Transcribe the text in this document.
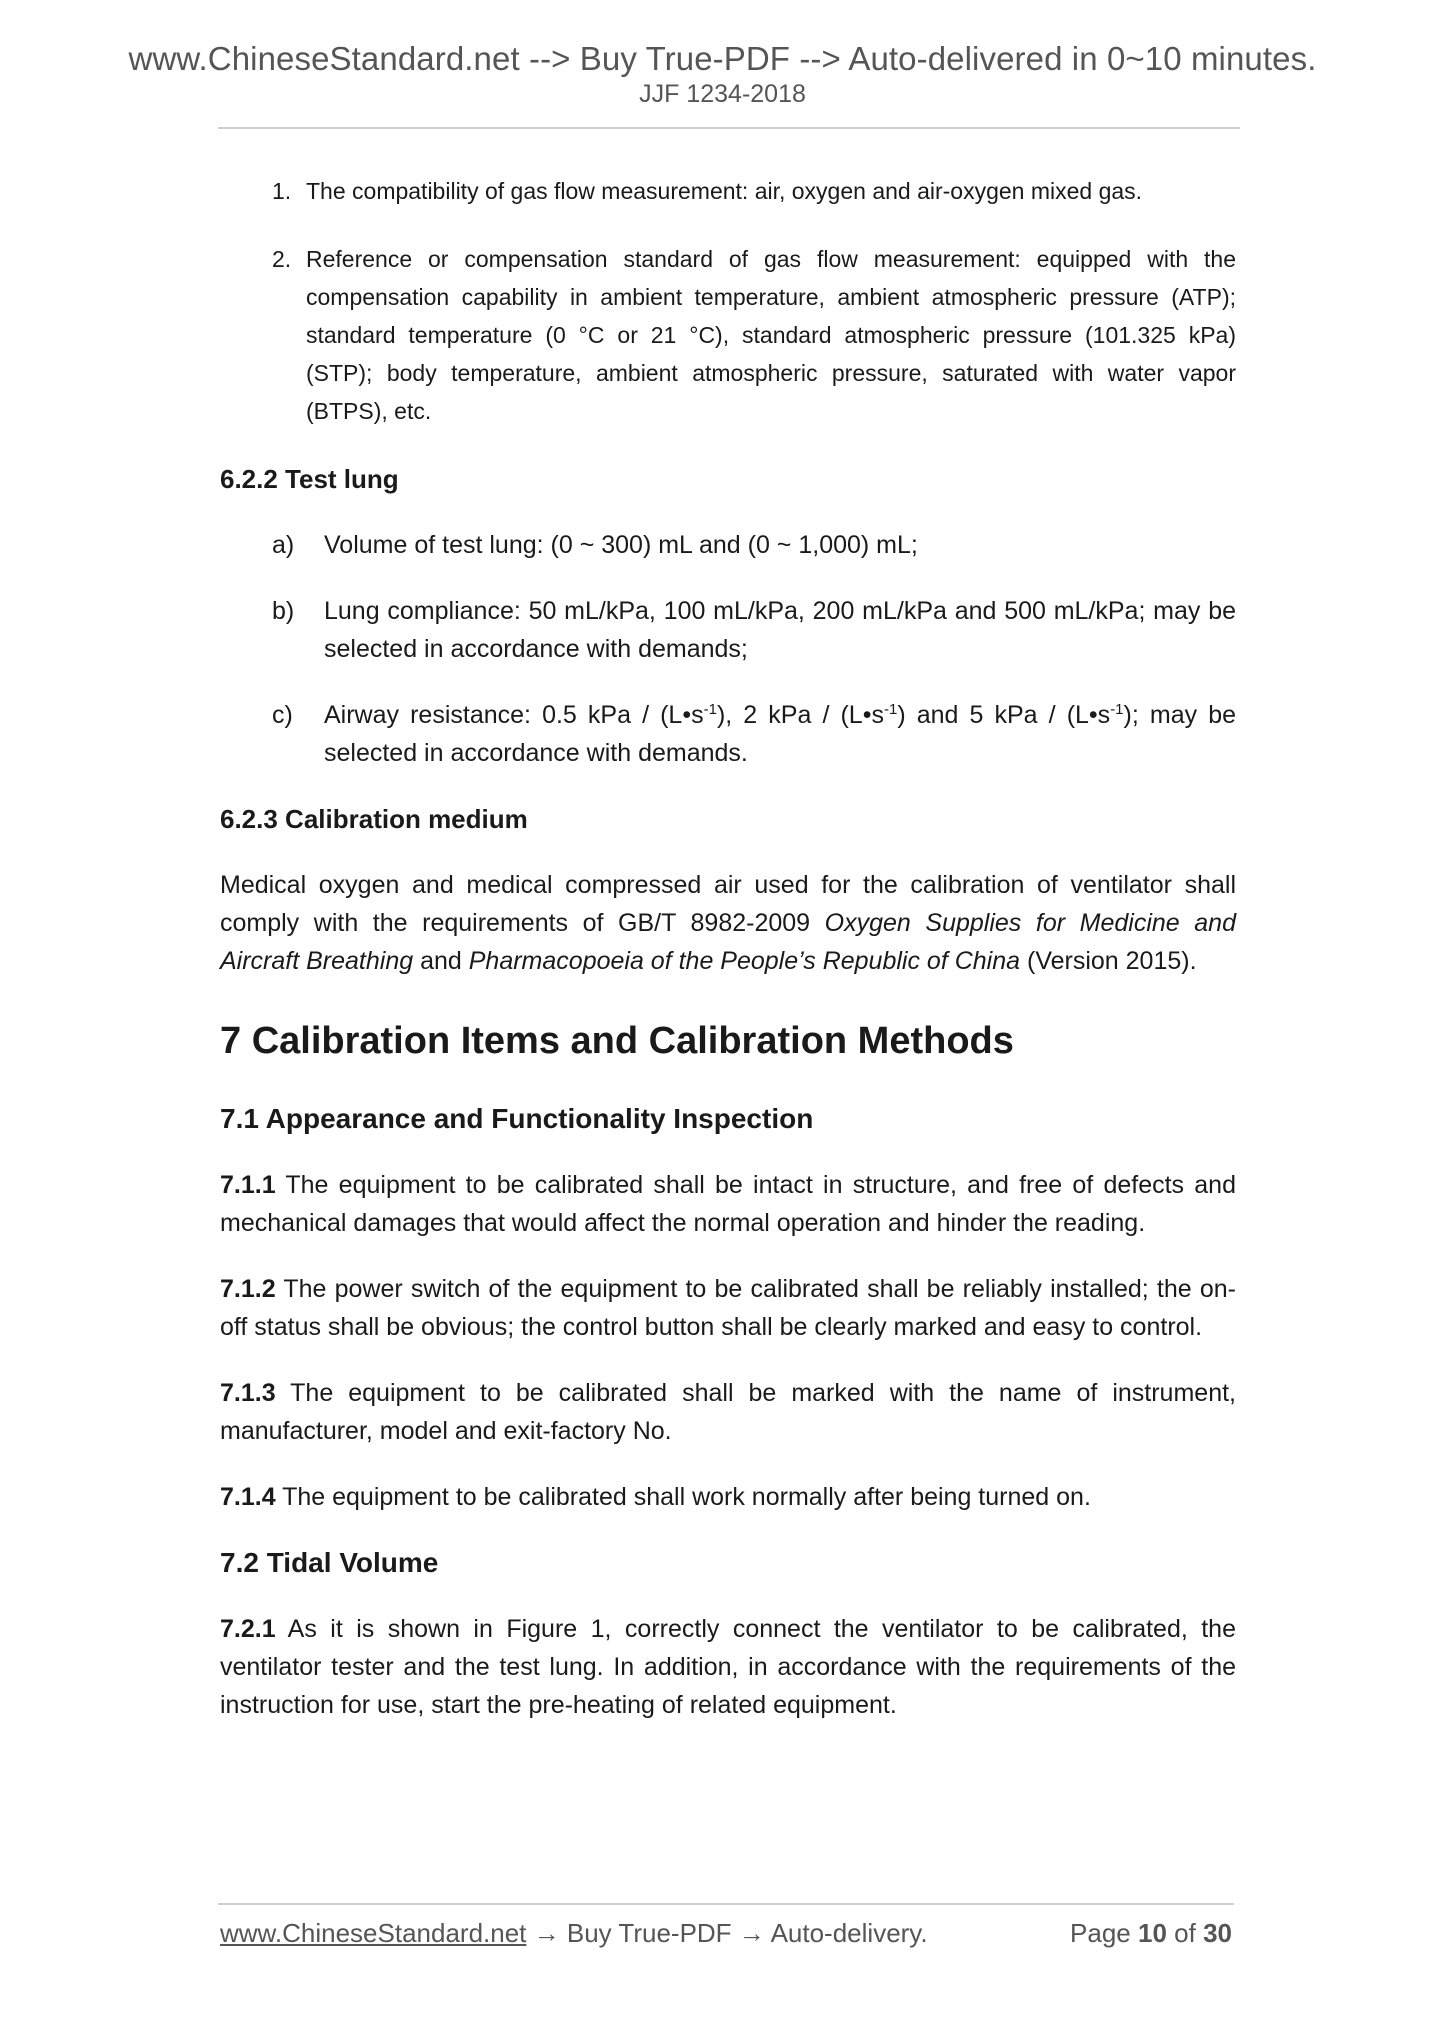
www.ChineseStandard.net --> Buy True-PDF --> Auto-delivered in 0~10 minutes.
JJF 1234-2018
1. The compatibility of gas flow measurement: air, oxygen and air-oxygen mixed gas.
2. Reference or compensation standard of gas flow measurement: equipped with the compensation capability in ambient temperature, ambient atmospheric pressure (ATP); standard temperature (0 °C or 21 °C), standard atmospheric pressure (101.325 kPa) (STP); body temperature, ambient atmospheric pressure, saturated with water vapor (BTPS), etc.
6.2.2 Test lung
a) Volume of test lung: (0 ~ 300) mL and (0 ~ 1,000) mL;
b) Lung compliance: 50 mL/kPa, 100 mL/kPa, 200 mL/kPa and 500 mL/kPa; may be selected in accordance with demands;
c) Airway resistance: 0.5 kPa / $(L•s^{-1})$, 2 kPa / $(L•s^{-1})$ and 5 kPa / $(L•s^{-1})$; may be selected in accordance with demands.
6.2.3 Calibration medium
Medical oxygen and medical compressed air used for the calibration of ventilator shall comply with the requirements of GB/T 8982-2009 Oxygen Supplies for Medicine and Aircraft Breathing and Pharmacopoeia of the People’s Republic of China (Version 2015).
7 Calibration Items and Calibration Methods
7.1 Appearance and Functionality Inspection
7.1.1 The equipment to be calibrated shall be intact in structure, and free of defects and mechanical damages that would affect the normal operation and hinder the reading.
7.1.2 The power switch of the equipment to be calibrated shall be reliably installed; the on-off status shall be obvious; the control button shall be clearly marked and easy to control.
7.1.3 The equipment to be calibrated shall be marked with the name of instrument, manufacturer, model and exit-factory No.
7.1.4 The equipment to be calibrated shall work normally after being turned on.
7.2 Tidal Volume
7.2.1 As it is shown in Figure 1, correctly connect the ventilator to be calibrated, the ventilator tester and the test lung. In addition, in accordance with the requirements of the instruction for use, start the pre-heating of related equipment.
www.ChineseStandard.net → Buy True-PDF → Auto-delivery.	Page 10 of 30
